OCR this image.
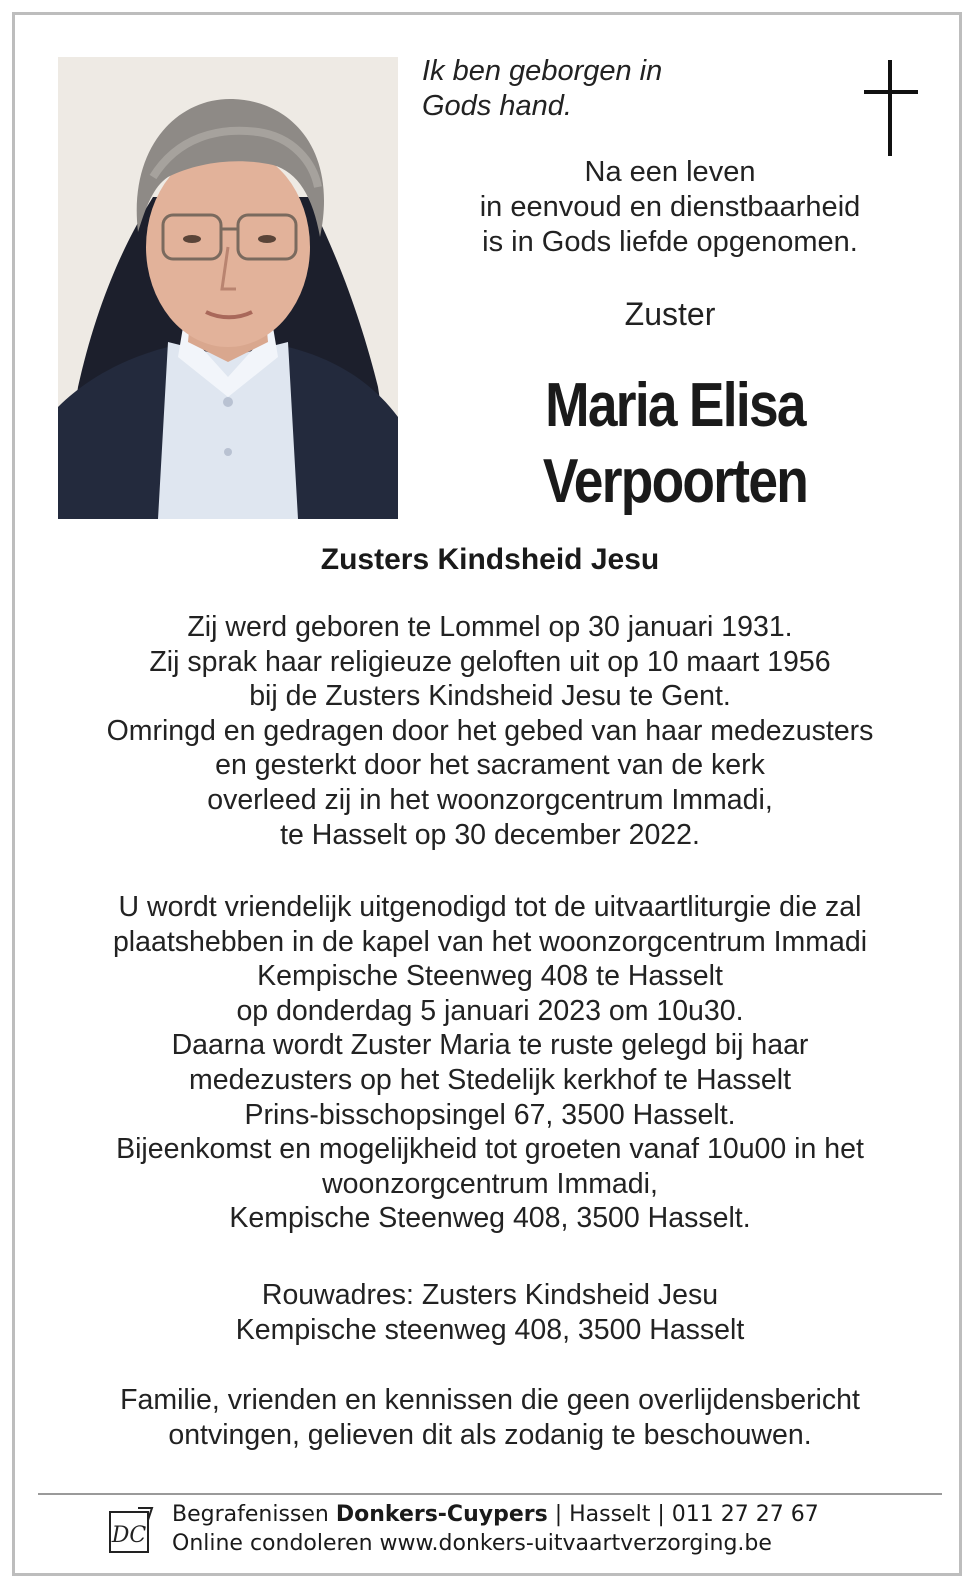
Ik ben geborgen in
Gods hand.
Na een leven
in eenvoud en dienstbaarheid
is in Gods liefde opgenomen.
Zuster
Maria Elisa
Verpoorten
Zusters Kindsheid Jesu
Zij werd geboren te Lommel op 30 januari 1931.
Zij sprak haar religieuze geloften uit op 10 maart 1956
bij de Zusters Kindsheid Jesu te Gent.
Omringd en gedragen door het gebed van haar medezusters
en gesterkt door het sacrament van de kerk
overleed zij in het woonzorgcentrum Immadi,
te Hasselt op 30 december 2022.
U wordt vriendelijk uitgenodigd tot de uitvaartliturgie die zal
plaatshebben in de kapel van het woonzorgcentrum Immadi
Kempische Steenweg 408 te Hasselt
op donderdag 5 januari 2023 om 10u30.
Daarna wordt Zuster Maria te ruste gelegd bij haar
medezusters op het Stedelijk kerkhof te Hasselt
Prins-bisschopsingel 67, 3500 Hasselt.
Bijeenkomst en mogelijkheid tot groeten vanaf 10u00 in het
woonzorgcentrum Immadi,
Kempische Steenweg 408, 3500 Hasselt.
Rouwadres: Zusters Kindsheid Jesu
Kempische steenweg 408, 3500 Hasselt
Familie, vrienden en kennissen die geen overlijdensbericht
ontvingen, gelieven dit als zodanig te beschouwen.
DC
Begrafenissen Donkers-Cuypers | Hasselt | 011 27 27 67
Online condoleren www.donkers-uitvaartverzorging.be
